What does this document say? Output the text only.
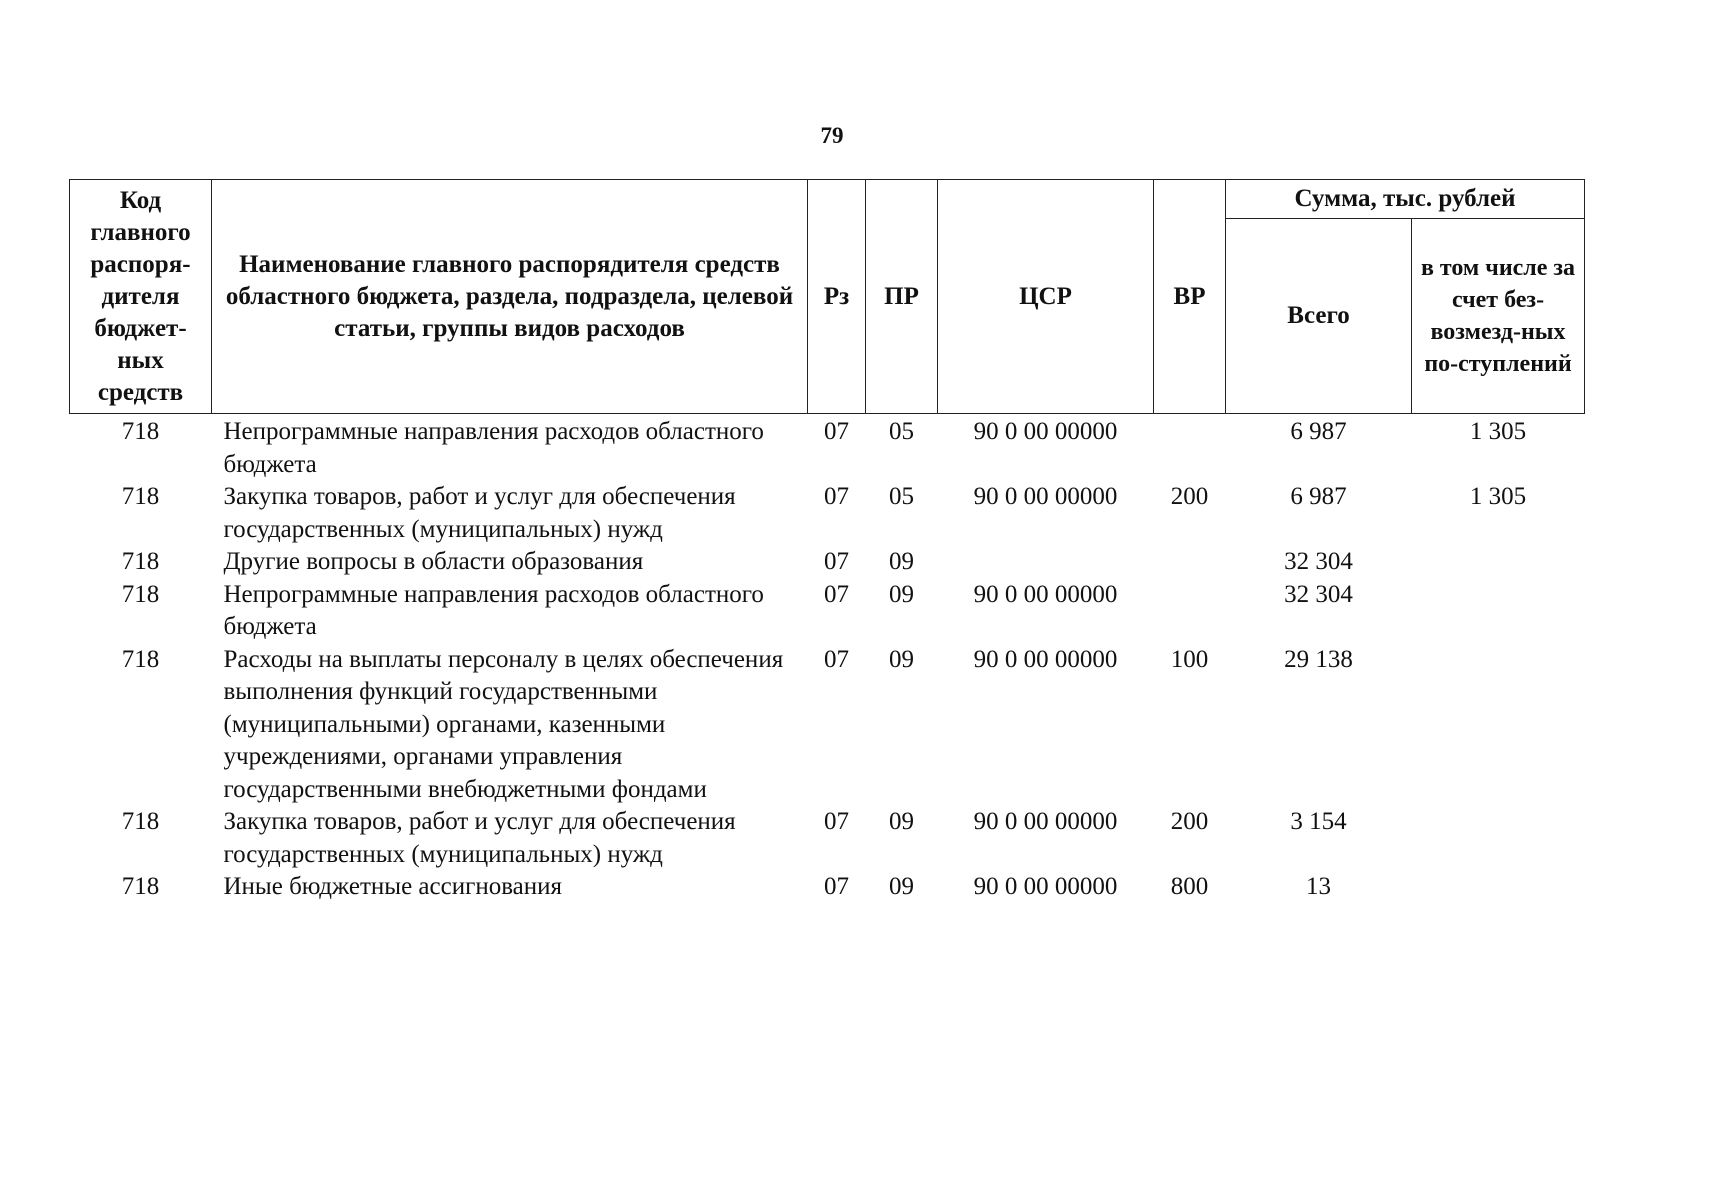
79
Код главного распоря-дителя бюджет-ных средств	Наименование главного распорядителя средств областного бюджета, раздела, подраздела, целевой статьи, группы видов расходов	Рз	ПР	ЦСР	ВР	Сумма, тыс. рублей	
						Всего	в том числе за счет без-возмезд-ных по-ступлений
718	Непрограммные направления расходов областного бюджета	07	05	90 0 00 00000		6 987	1 305
718	Закупка товаров, работ и услуг для обеспечения государственных (муниципальных) нужд	07	05	90 0 00 00000	200	6 987	1 305
718	Другие вопросы в области образования	07	09			32 304	
718	Непрограммные направления расходов областного бюджета	07	09	90 0 00 00000		32 304	
718	Расходы на выплаты персоналу в целях обеспечения выполнения функций государственными (муниципальными) органами, казенными учреждениями, органами управления государственными внебюджетными фондами	07	09	90 0 00 00000	100	29 138	
718	Закупка товаров, работ и услуг для обеспечения государственных (муниципальных) нужд	07	09	90 0 00 00000	200	3 154	
718	Иные бюджетные ассигнования	07	09	90 0 00 00000	800	13	
